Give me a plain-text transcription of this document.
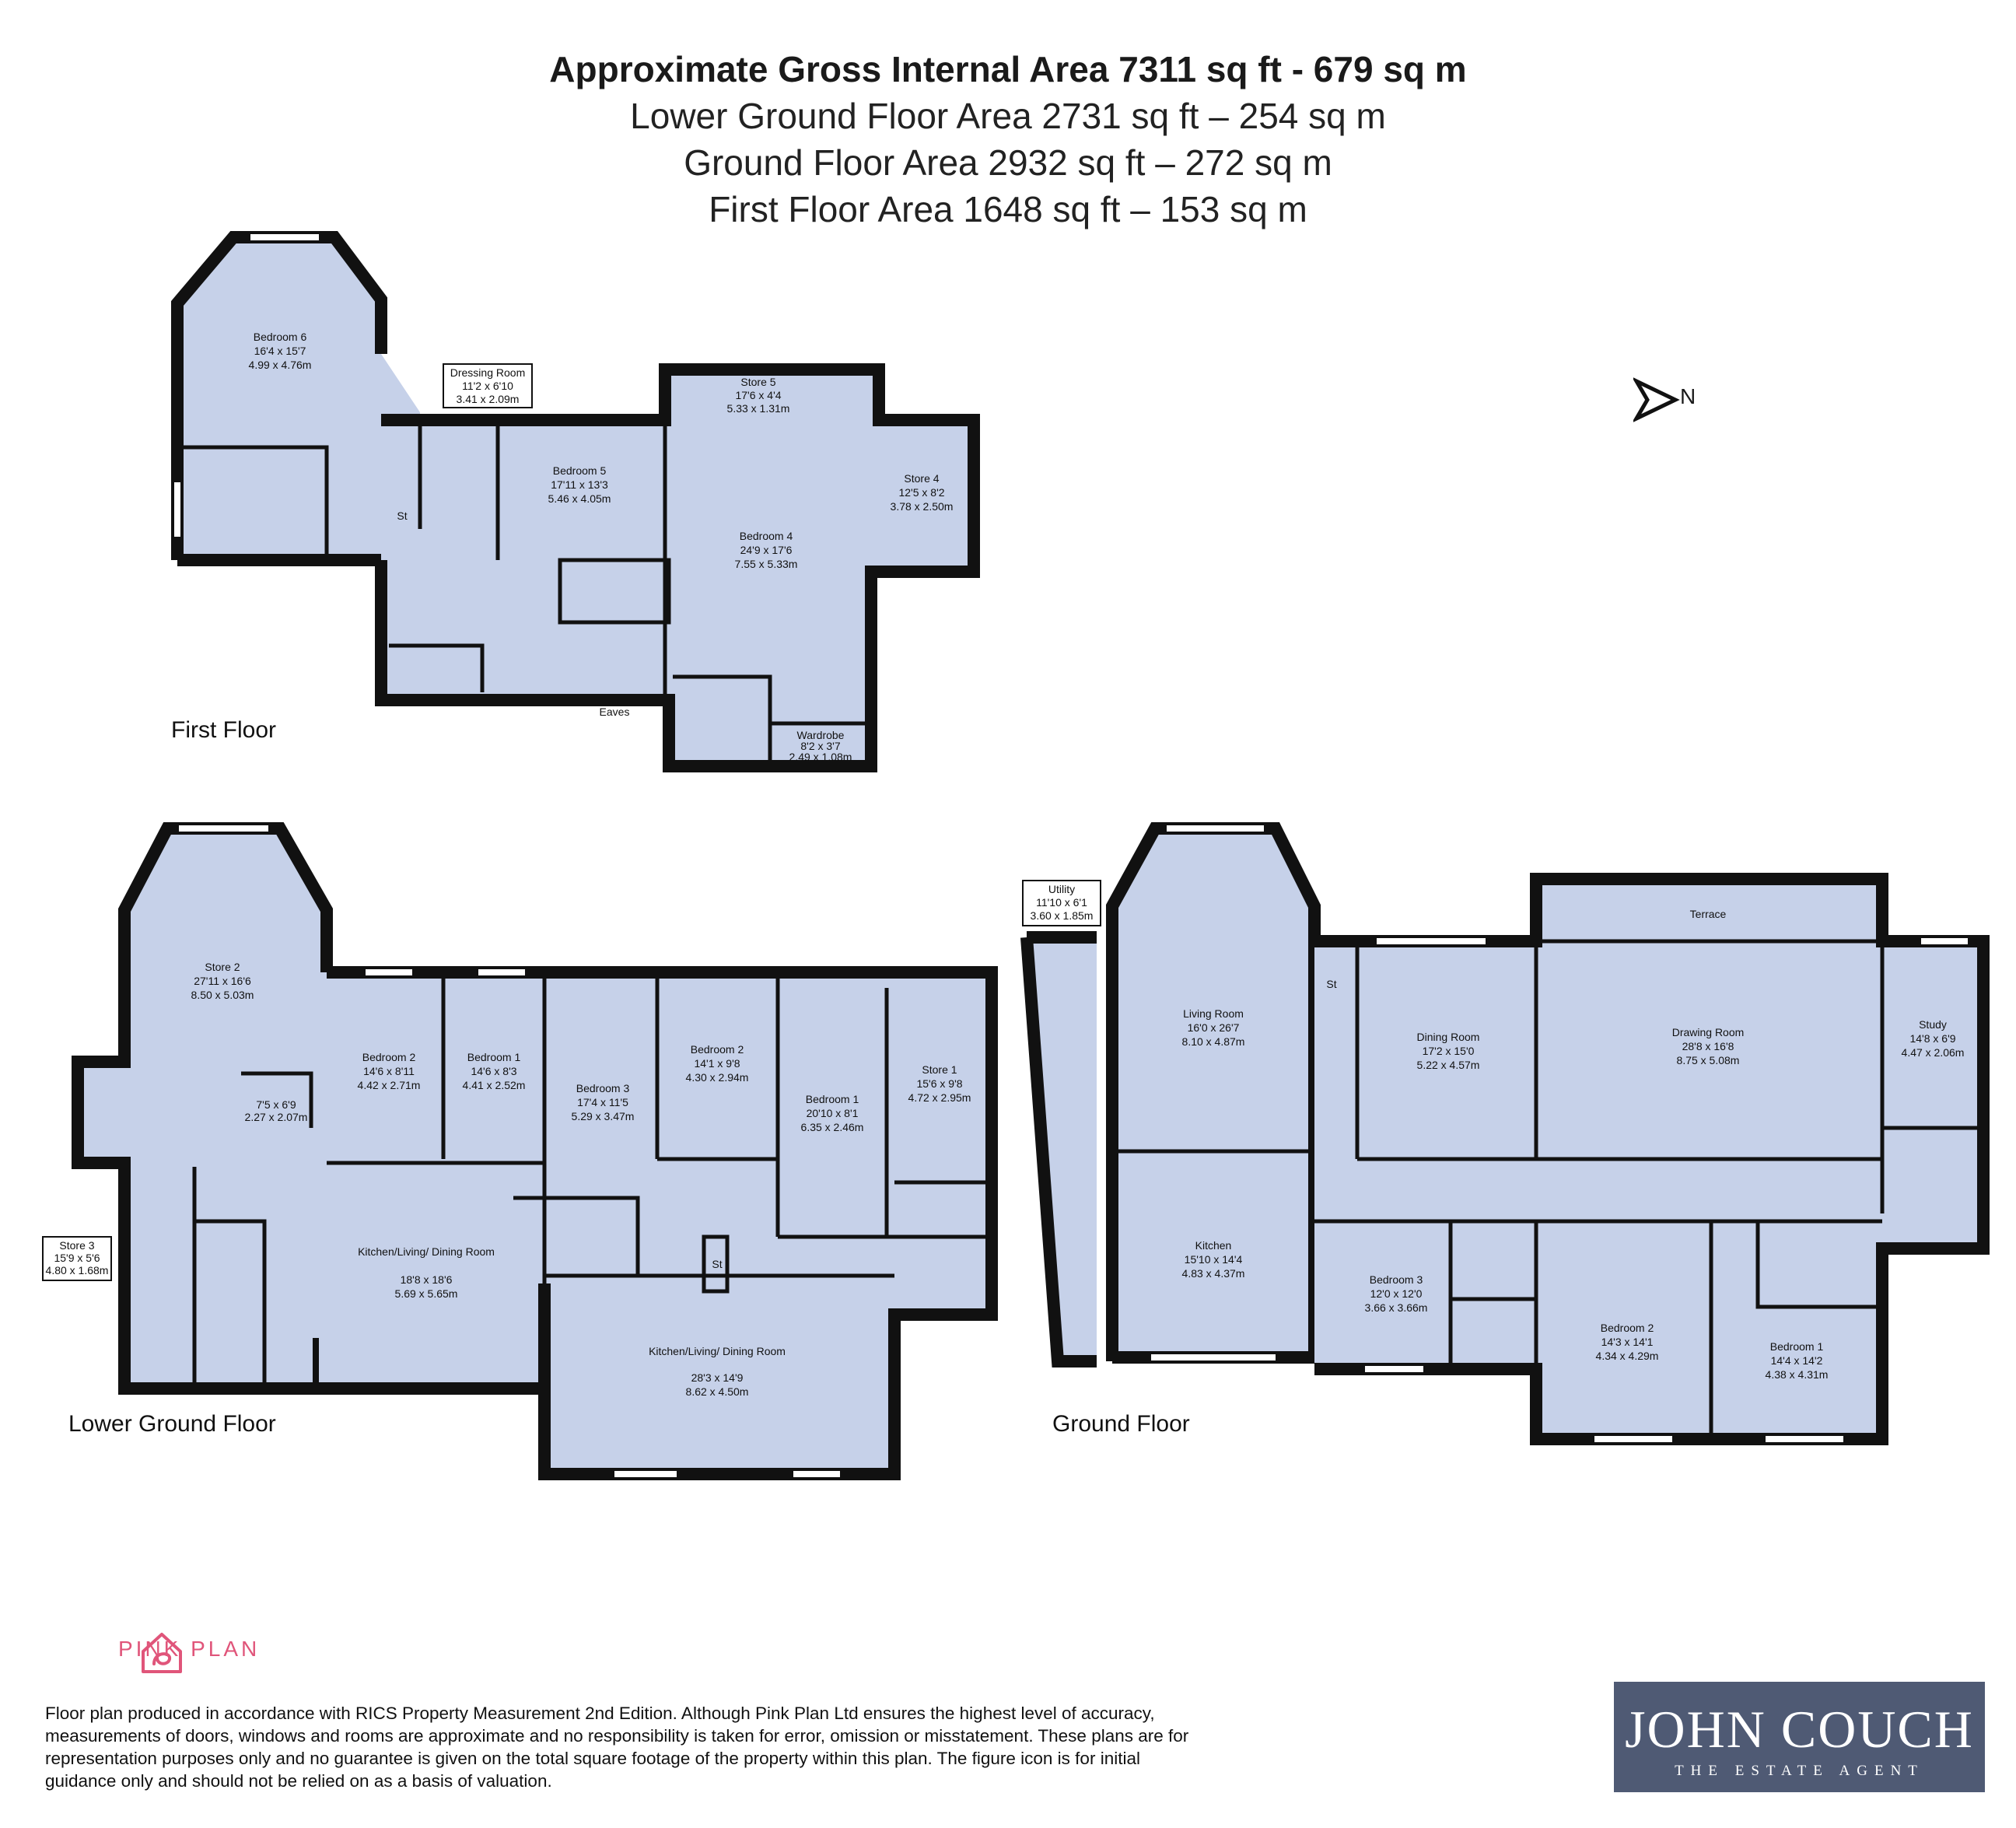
Approximate Gross Internal Area 7311 sq ft - 679 sq m
Lower Ground Floor Area 2731 sq ft – 254 sq m
Ground Floor Area 2932 sq ft – 272 sq m
First Floor Area 1648 sq ft – 153 sq m
N
Bedroom 6
16'4 x 15'7
4.99 x 4.76m
Dressing Room
11'2 x 6'10
3.41 x 2.09m
Bedroom 5
17'11 x 13'3
5.46 x 4.05m
Store 5
5.33 x 1.31m
17'6 x 4'4
Bedroom 4
24'9 x 17'6
7.55 x 5.33m
Store 4
12'5 x 8'2
3.78 x 2.50m
Wardrobe
8'2 x 3'7
2.49 x 1.08m
Eaves
St
First Floor
Store 2
27'11 x 16'6
8.50 x 5.03m
7'5 x 6'9
2.27 x 2.07m
Store 3
15'9 x 5'6
4.80 x 1.68m
Bedroom 2
14'6 x 8'11
4.42 x 2.71m
Bedroom 1
14'6 x 8'3
4.41 x 2.52m
Kitchen/Living/ Dining Room
18'8 x 18'6
5.69 x 5.65m
Bedroom 3
17'4 x 11'5
5.29 x 3.47m
Bedroom 2
14'1 x 9'8
4.30 x 2.94m
Bedroom 1
20'10 x 8'1
6.35 x 2.46m
Store 1
15'6 x 9'8
4.72 x 2.95m
Kitchen/Living/ Dining Room
28'3 x 14'9
8.62 x 4.50m
St
Lower Ground Floor
Utility
11'10 x 6'1
3.60 x 1.85m
Living Room
16'0 x 26'7
8.10 x 4.87m
Kitchen
15'10 x 14'4
4.83 x 4.37m
Dining Room
17'2 x 15'0
5.22 x 4.57m
Drawing Room
28'8 x 16'8
8.75 x 5.08m
Study
14'8 x 6'9
4.47 x 2.06m
Bedroom 3
12'0 x 12'0
3.66 x 3.66m
Bedroom 2
14'3 x 14'1
4.34 x 4.29m
Bedroom 1
14'4 x 14'2
4.38 x 4.31m
Terrace
St
Ground Floor
PINK PLAN
Floor plan produced in accordance with RICS Property Measurement 2nd Edition. Although Pink Plan Ltd ensures the highest level of accuracy, measurements of doors, windows and rooms are approximate and no responsibility is taken for error, omission or misstatement. These plans are for representation purposes only and no guarantee is given on the total square footage of the property within this plan. The figure icon is for initial guidance only and should not be relied on as a basis of valuation.
JOHN COUCH
THE ESTATE AGENT
